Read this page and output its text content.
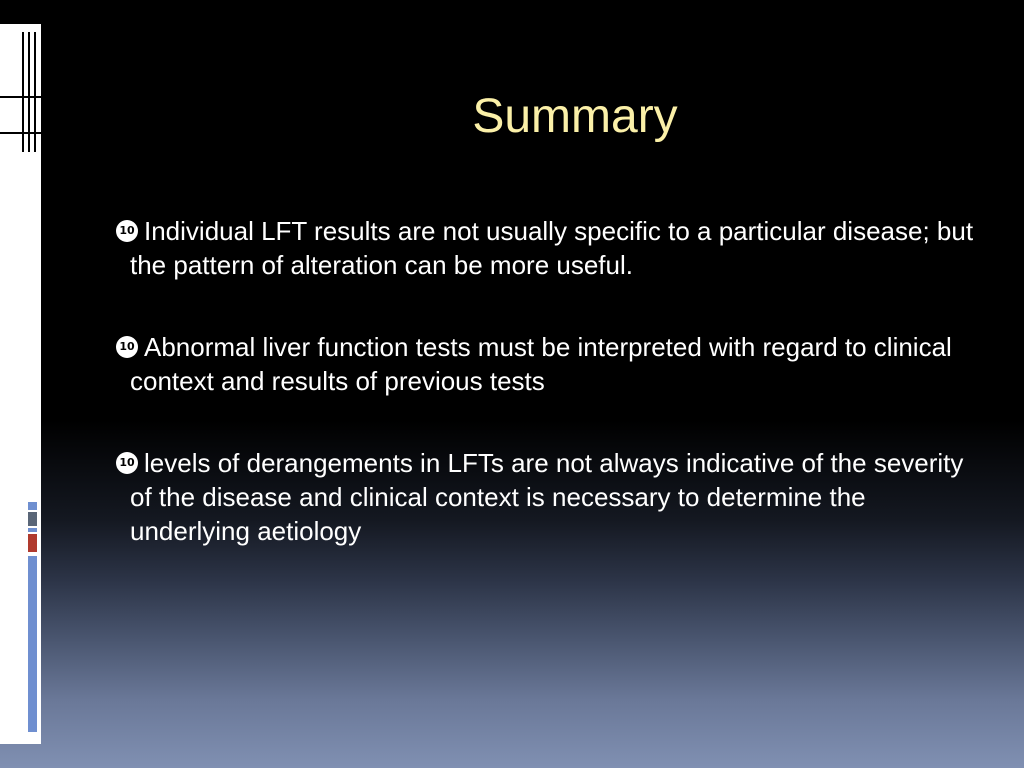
Summary
10 Individual LFT results are not usually specific to a particular disease; but the pattern of alteration can be more useful.
10 Abnormal liver function tests must be interpreted with regard to clinical context and results of previous tests
10 levels of derangements in LFTs are not always indicative of the severity of the disease and clinical context is necessary to determine the underlying aetiology
